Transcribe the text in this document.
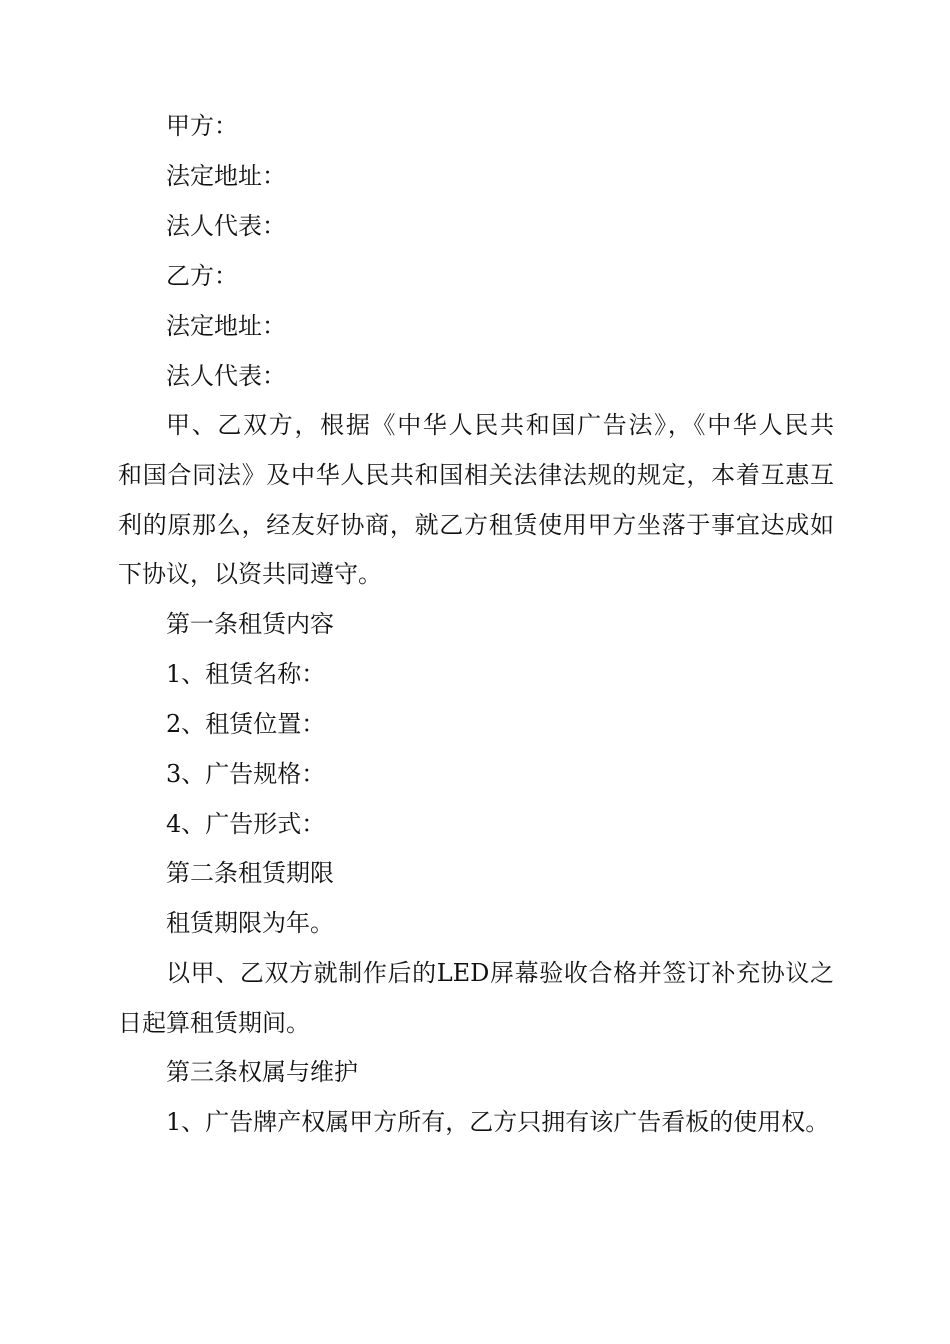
甲方：
法定地址：
法人代表：
乙方：
法定地址：
法人代表：
甲、乙双方，根据《中华人民共和国广告法》，《中华人民共
和国合同法》及中华人民共和国相关法律法规的规定，本着互惠互
利的原那么，经友好协商，就乙方租赁使用甲方坐落于事宜达成如
下协议，以资共同遵守。
第一条租赁内容
1、租赁名称：
2、租赁位置：
3、广告规格：
4、广告形式：
第二条租赁期限
租赁期限为年。
以甲、乙双方就制作后的LED屏幕验收合格并签订补充协议之
日起算租赁期间。
第三条权属与维护
1、广告牌产权属甲方所有，乙方只拥有该广告看板的使用权。
